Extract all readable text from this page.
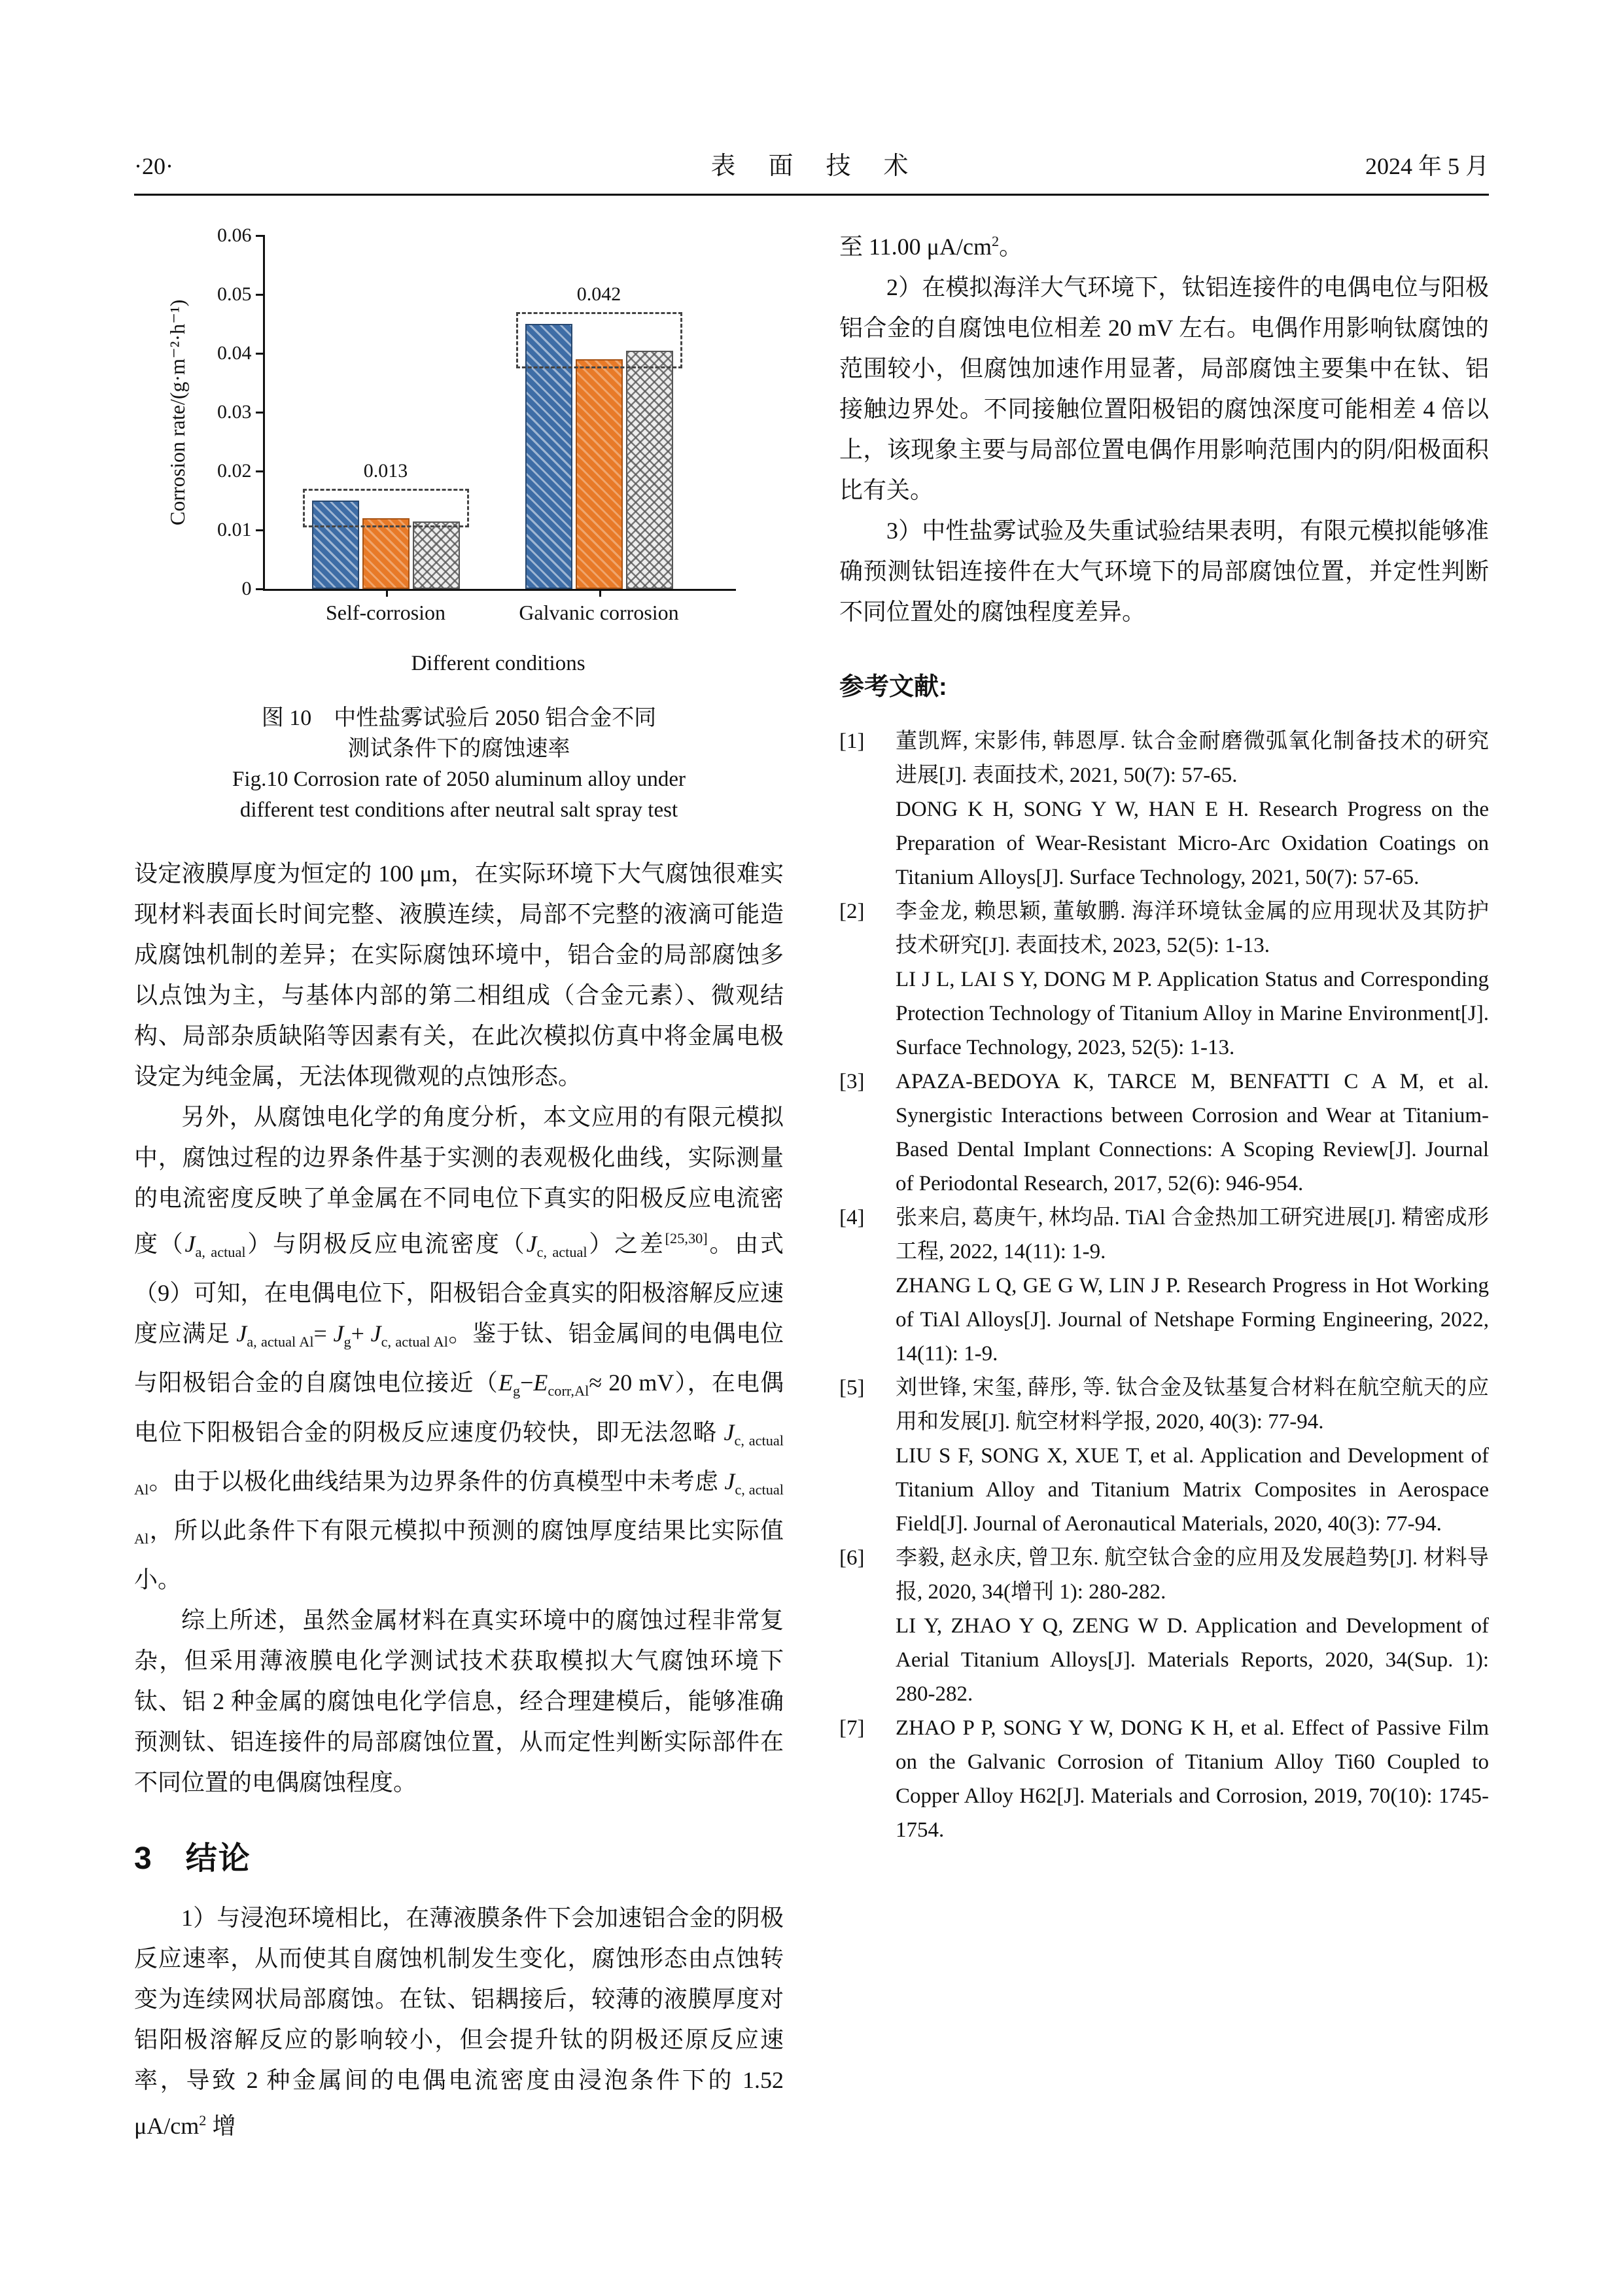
·20·	表　面　技　术	2024 年 5 月
Corrosion rate/(g·m⁻²·h⁻¹)
0
0.01
0.02
0.03
0.04
0.05
0.06
0.013
Self-corrosion
0.042
Galvanic corrosion
Different conditions
图 10　中性盐雾试验后 2050 铝合金不同
测试条件下的腐蚀速率
Fig.10 Corrosion rate of 2050 aluminum alloy under
different test conditions after neutral salt spray test

设定液膜厚度为恒定的 100 μm，在实际环境下大气腐蚀很难实现材料表面长时间完整、液膜连续，局部不完整的液滴可能造成腐蚀机制的差异；在实际腐蚀环境中，铝合金的局部腐蚀多以点蚀为主，与基体内部的第二相组成（合金元素）、微观结构、局部杂质缺陷等因素有关，在此次模拟仿真中将金属电极设定为纯金属，无法体现微观的点蚀形态。

另外，从腐蚀电化学的角度分析，本文应用的有限元模拟中，腐蚀过程的边界条件基于实测的表观极化曲线，实际测量的电流密度反映了单金属在不同电位下真实的阳极反应电流密度$(J_{a, actual})$与阴极反应电流密度$(J_{c, actual})$之差[25,30]。由式（9）可知，在电偶电位下，阳极铝合金真实的阳极溶解反应速度应满足 $J_{a, actual Al}= J_g+ J_{c, actual Al}$。鉴于钛、铝金属间的电偶电位与阳极铝合金的自腐蚀电位接近（$E_g-E_{corr,Al}\approx 20$ mV），在电偶电位下阳极铝合金的阴极反应速度仍较快，即无法忽略 $J_{c, actual Al}$。由于以极化曲线结果为边界条件的仿真模型中未考虑 $J_{c, actual Al}$，所以此条件下有限元模拟中预测的腐蚀厚度结果比实际值小。

综上所述，虽然金属材料在真实环境中的腐蚀过程非常复杂，但采用薄液膜电化学测试技术获取模拟大气腐蚀环境下钛、铝 2 种金属的腐蚀电化学信息，经合理建模后，能够准确预测钛、铝连接件的局部腐蚀位置，从而定性判断实际部件在不同位置的电偶腐蚀程度。

3　结论

1）与浸泡环境相比，在薄液膜条件下会加速铝合金的阴极反应速率，从而使其自腐蚀机制发生变化，腐蚀形态由点蚀转变为连续网状局部腐蚀。在钛、铝耦接后，较薄的液膜厚度对铝阳极溶解反应的影响较小，但会提升钛的阴极还原反应速率，导致 2 种金属间的电偶电流密度由浸泡条件下的 1.52 $\mu A/cm^2$ 增

至 11.00 $\mu A/cm^2$。

2）在模拟海洋大气环境下，钛铝连接件的电偶电位与阳极铝合金的自腐蚀电位相差 20 mV 左右。电偶作用影响钛腐蚀的范围较小，但腐蚀加速作用显著，局部腐蚀主要集中在钛、铝接触边界处。不同接触位置阳极铝的腐蚀深度可能相差 4 倍以上，该现象主要与局部位置电偶作用影响范围内的阴/阳极面积比有关。

3）中性盐雾试验及失重试验结果表明，有限元模拟能够准确预测钛铝连接件在大气环境下的局部腐蚀位置，并定性判断不同位置处的腐蚀程度差异。

参考文献:
[1]	董凯辉, 宋影伟, 韩恩厚. 钛合金耐磨微弧氧化制备技术的研究进展[J]. 表面技术, 2021, 50(7): 57-65.
DONG K H, SONG Y W, HAN E H. Research Progress on the Preparation of Wear-Resistant Micro-Arc Oxidation Coatings on Titanium Alloys[J]. Surface Technology, 2021, 50(7): 57-65.
[2]	李金龙, 赖思颖, 董敏鹏. 海洋环境钛金属的应用现状及其防护技术研究[J]. 表面技术, 2023, 52(5): 1-13.
LI J L, LAI S Y, DONG M P. Application Status and Corresponding Protection Technology of Titanium Alloy in Marine Environment[J]. Surface Technology, 2023, 52(5): 1-13.
[3]	APAZA-BEDOYA K, TARCE M, BENFATTI C A M, et al. Synergistic Interactions between Corrosion and Wear at Titanium-Based Dental Implant Connections: A Scoping Review[J]. Journal of Periodontal Research, 2017, 52(6): 946-954.
[4]	张来启, 葛庚午, 林均品. TiAl 合金热加工研究进展[J]. 精密成形工程, 2022, 14(11): 1-9.
ZHANG L Q, GE G W, LIN J P. Research Progress in Hot Working of TiAl Alloys[J]. Journal of Netshape Forming Engineering, 2022, 14(11): 1-9.
[5]	刘世锋, 宋玺, 薛彤, 等. 钛合金及钛基复合材料在航空航天的应用和发展[J]. 航空材料学报, 2020, 40(3): 77-94.
LIU S F, SONG X, XUE T, et al. Application and Development of Titanium Alloy and Titanium Matrix Composites in Aerospace Field[J]. Journal of Aeronautical Materials, 2020, 40(3): 77-94.
[6]	李毅, 赵永庆, 曾卫东. 航空钛合金的应用及发展趋势[J]. 材料导报, 2020, 34(增刊 1): 280-282.
LI Y, ZHAO Y Q, ZENG W D. Application and Development of Aerial Titanium Alloys[J]. Materials Reports, 2020, 34(Sup. 1): 280-282.
[7]	ZHAO P P, SONG Y W, DONG K H, et al. Effect of Passive Film on the Galvanic Corrosion of Titanium Alloy Ti60 Coupled to Copper Alloy H62[J]. Materials and Corrosion, 2019, 70(10): 1745-1754.
